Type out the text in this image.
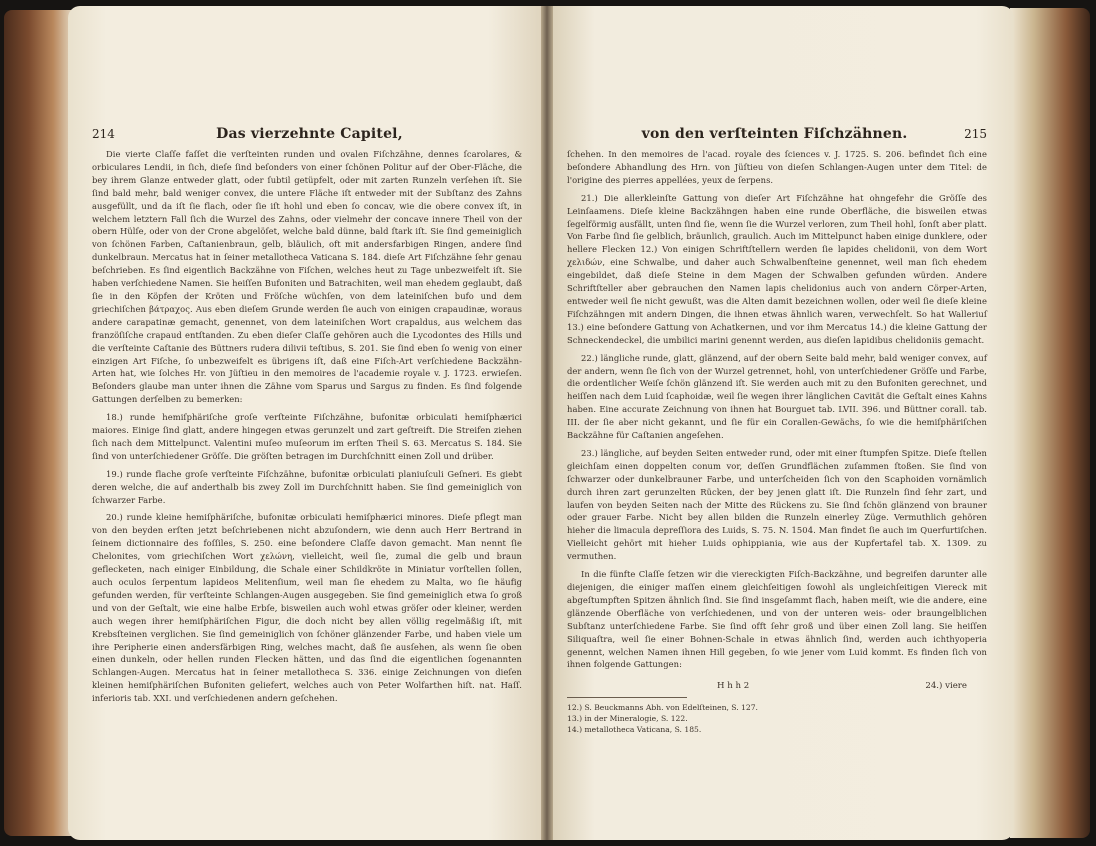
214	Das vierzehnte Capitel,

Die vierte Claſſe faſſet die verſteinten runden und ovalen Fiſchzähne, dennes ſcarolares, & orbiculares Lendii, in ſich, dieſe ſind beſonders von einer ſchönen Politur auf der Ober-Fläche, die bey ihrem Glanze entweder glatt, oder ſubtil getüpfelt, oder mit zarten Runzeln verſehen iſt. Sie ſind bald mehr, bald weniger convex, die untere Fläche iſt entweder mit der Subſtanz des Zahns ausgefüllt, und da iſt ſie flach, oder ſie iſt hohl und eben ſo concav, wie die obere convex iſt, in welchem letztern Fall ſich die Wurzel des Zahns, oder vielmehr der concave innere Theil von der obern Hülſe, oder von der Crone abgelöſet, welche bald dünne, bald ſtark iſt. Sie ſind gemeiniglich von ſchönen Farben, Caſtanienbraun, gelb, bläulich, oft mit andersfarbigen Ringen, andere ſind dunkelbraun. Mercatus hat in ſeiner metallotheca Vaticana S. 184. dieſe Art Fiſchzähne ſehr genau beſchrieben. Es ſind eigentlich Backzähne von Fiſchen, welches heut zu Tage unbezweifelt iſt. Sie haben verſchiedene Namen. Sie heiſſen Bufoniten und Batrachiten, weil man ehedem geglaubt, daß ſie in den Köpfen der Kröten und Fröſche wüchſen, von dem lateiniſchen bufo und dem griechiſchen βάτραχος. Aus eben dieſem Grunde werden ſie auch von einigen crapaudinæ, woraus andere carapatinæ gemacht, genennet, von dem lateiniſchen Wort crapaldus, aus welchem das franzöſiſche crapaud entſtanden. Zu eben dieſer Claſſe gehören auch die Lycodontes des Hills und die verſteinte Caſtanie des Büttners rudera dilivii teſtibus, S. 201. Sie ſind eben ſo wenig von einer einzigen Art Fiſche, ſo unbezweifelt es übrigens iſt, daß eine Fiſch-Art verſchiedene Backzähn-Arten hat, wie ſolches Hr. von Jüſtieu in den memoires de l'academie royale v. J. 1723. erwieſen. Beſonders glaube man unter ihnen die Zähne vom Sparus und Sargus zu finden. Es ſind folgende Gattungen derſelben zu bemerken:

18.) runde hemiſphäriſche groſe verſteinte Fiſchzähne, bufonitæ orbiculati hemiſphærici maiores. Einige ſind glatt, andere hingegen etwas gerunzelt und zart geſtreift. Die Streifen ziehen ſich nach dem Mittelpunct. Valentini muſeo muſeorum im erſten Theil S. 63. Mercatus S. 184. Sie ſind von unterſchiedener Gröſſe. Die gröſten betragen im Durchſchnitt einen Zoll und drüber.

19.) runde flache groſe verſteinte Fiſchzähne, bufonitæ orbiculati planiuſculi Geſneri. Es giebt deren welche, die auf anderthalb bis zwey Zoll im Durchſchnitt haben. Sie ſind gemeiniglich von ſchwarzer Farbe.

20.) runde kleine hemiſphäriſche, bufonitæ orbiculati hemiſphærici minores. Dieſe pflegt man von den beyden erſten jetzt beſchriebenen nicht abzuſondern, wie denn auch Herr Bertrand in ſeinem dictionnaire des foſſiles, S. 250. eine beſondere Claſſe davon gemacht. Man nennt ſie Chelonites, vom griechiſchen Wort χελώνη, vielleicht, weil ſie, zumal die gelb und braun geflecketen, nach einiger Einbildung, die Schale einer Schildkröte in Miniatur vorſtellen ſollen, auch oculos ſerpentum lapideos Melitenſium, weil man ſie ehedem zu Malta, wo ſie häufig gefunden werden, für verſteinte Schlangen-Augen ausgegeben. Sie ſind gemeiniglich etwa ſo groß und von der Geſtalt, wie eine halbe Erbſe, bisweilen auch wohl etwas gröſer oder kleiner, werden auch wegen ihrer hemiſphäriſchen Figur, die doch nicht bey allen völlig regelmäßig iſt, mit Krebsſteinen verglichen. Sie ſind gemeiniglich von ſchöner glänzender Farbe, und haben viele um ihre Peripherie einen andersfärbigen Ring, welches macht, daß ſie ausſehen, als wenn ſie oben einen dunkeln, oder hellen runden Flecken hätten, und das ſind die eigentlichen ſogenannten Schlangen-Augen. Mercatus hat in ſeiner metallotheca S. 336. einige Zeichnungen von dieſen kleinen hemiſphäriſchen Bufoniten geliefert, welches auch von Peter Wolfarthen hiſt. nat. Haſſ. inferioris tab. XXI. und verſchiedenen andern geſchehen.

von den verſteinten Fiſchzähnen.	215

ſchehen. In den memoires de l'acad. royale des ſciences v. J. 1725. S. 206. befindet ſich eine beſondere Abhandlung des Hrn. von Jüſtieu von dieſen Schlangen-Augen unter dem Titel: de l'origine des pierres appellées, yeux de ſerpens.

21.) Die allerkleinſte Gattung von dieſer Art Fiſchzähne hat ohngefehr die Gröſſe des Leinſaamens. Dieſe kleine Backzähngen haben eine runde Oberfläche, die bisweilen etwas ſegelförmig ausfällt, unten ſind ſie, wenn ſie die Wurzel verloren, zum Theil hohl, ſonſt aber platt. Von Farbe ſind ſie gelblich, bräunlich, graulich. Auch im Mittelpunct haben einige dunklere, oder hellere Flecken 12.) Von einigen Schriftſtellern werden ſie lapides chelidonii, von dem Wort χελιδών, eine Schwalbe, und daher auch Schwalbenſteine genennet, weil man ſich ehedem eingebildet, daß dieſe Steine in dem Magen der Schwalben gefunden würden. Andere Schriftſteller aber gebrauchen den Namen lapis chelidonius auch von andern Cörper-Arten, entweder weil ſie nicht gewußt, was die Alten damit bezeichnen wollen, oder weil ſie dieſe kleine Fiſchzähngen mit andern Dingen, die ihnen etwas ähnlich waren, verwechſelt. So hat Walleriuſ 13.) eine beſondere Gattung von Achatkernen, und vor ihm Mercatus 14.) die kleine Gattung der Schneckendeckel, die umbilici marini genennt werden, aus dieſen lapidibus chelidoniis gemacht.

22.) längliche runde, glatt, glänzend, auf der obern Seite bald mehr, bald weniger convex, auf der andern, wenn ſie ſich von der Wurzel getrennet, hohl, von unterſchiedener Gröſſe und Farbe, die ordentlicher Weiſe ſchön glänzend iſt. Sie werden auch mit zu den Bufoniten gerechnet, und heiſſen nach dem Luid ſcaphoidæ, weil ſie wegen ihrer länglichen Cavität die Geſtalt eines Kahns haben. Eine accurate Zeichnung von ihnen hat Bourguet tab. LVII. 396. und Büttner corall. tab. III. der ſie aber nicht gekannt, und ſie für ein Corallen-Gewächs, ſo wie die hemiſphäriſchen Backzähne für Caſtanien angeſehen.

23.) längliche, auf beyden Seiten entweder rund, oder mit einer ſtumpfen Spitze. Dieſe ſtellen gleichſam einen doppelten conum vor, deſſen Grundflächen zuſammen ſtoßen. Sie ſind von ſchwarzer oder dunkelbrauner Farbe, und unterſcheiden ſich von den Scaphoiden vornämlich durch ihren zart gerunzelten Rücken, der bey jenen glatt iſt. Die Runzeln ſind ſehr zart, und laufen von beyden Seiten nach der Mitte des Rückens zu. Sie ſind ſchön glänzend von brauner oder grauer Farbe. Nicht bey allen bilden die Runzeln einerley Züge. Vermuthlich gehören hieher die limacula depreſſiora des Luids, S. 75. N. 1504. Man findet ſie auch im Querfurtiſchen. Vielleicht gehört mit hieher Luids ophippiania, wie aus der Kupfertafel tab. X. 1309. zu vermuthen.

In die fünfte Claſſe ſetzen wir die viereckigten Fiſch-Backzähne, und begreifen darunter alle diejenigen, die einiger maſſen einem gleichſeitigen ſowohl als ungleichſeitigen Viereck mit abgeſtumpften Spitzen ähnlich ſind. Sie ſind insgeſammt flach, haben meiſt, wie die andere, eine glänzende Oberfläche von verſchiedenen, und von der unteren weis- oder braungelblichen Subſtanz unterſchiedene Farbe. Sie ſind offt ſehr groß und über einen Zoll lang. Sie heiſſen Siliquaſtra, weil ſie einer Bohnen-Schale in etwas ähnlich ſind, werden auch ichthyoperia genennt, welchen Namen ihnen Hill gegeben, ſo wie jener vom Luid kommt. Es finden ſich von ihnen folgende Gattungen:

H h h 2	24.) viere

12.) S. Beuckmanns Abh. von Edelſteinen, S. 127.

13.) in der Mineralogie, S. 122.

14.) metallotheca Vaticana, S. 185.
